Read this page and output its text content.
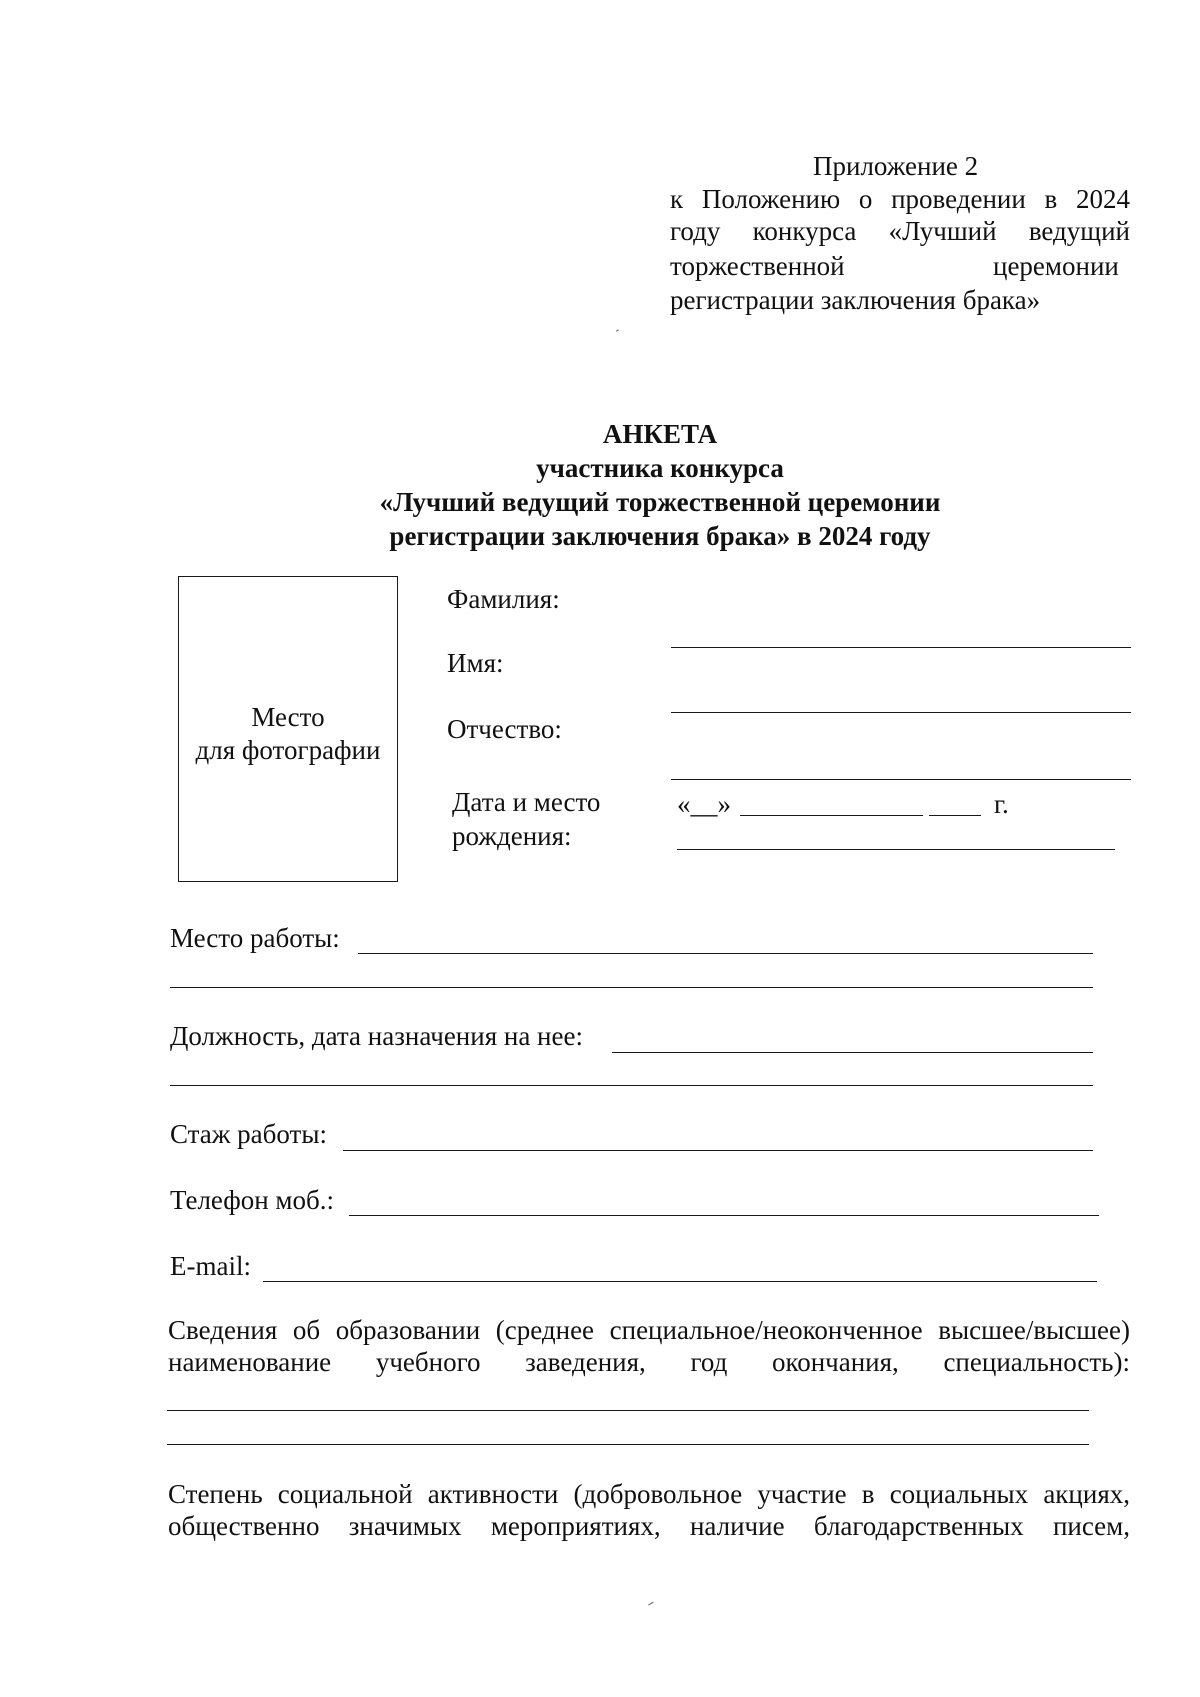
Приложение 2
к Положению о проведении в 2024
году конкурса «Лучший ведущий
торжественной	церемонии
регистрации заключения брака»
АНКЕТА
участника конкурса
«Лучший ведущий торжественной церемонии
регистрации заключения брака» в 2024 году
Место
для фотографии
Фамилия:
Имя:
Отчество:
Дата и место
рождения:
«__»	г.
Место работы:
Должность, дата назначения на нее:
Стаж работы:
Телефон моб.:
E-mail:
Сведения об образовании (среднее специальное/неоконченное высшее/высшее)
наименование учебного заведения, год окончания, специальность):
Степень социальной активности (добровольное участие в социальных акциях,
общественно значимых мероприятиях, наличие благодарственных писем,
